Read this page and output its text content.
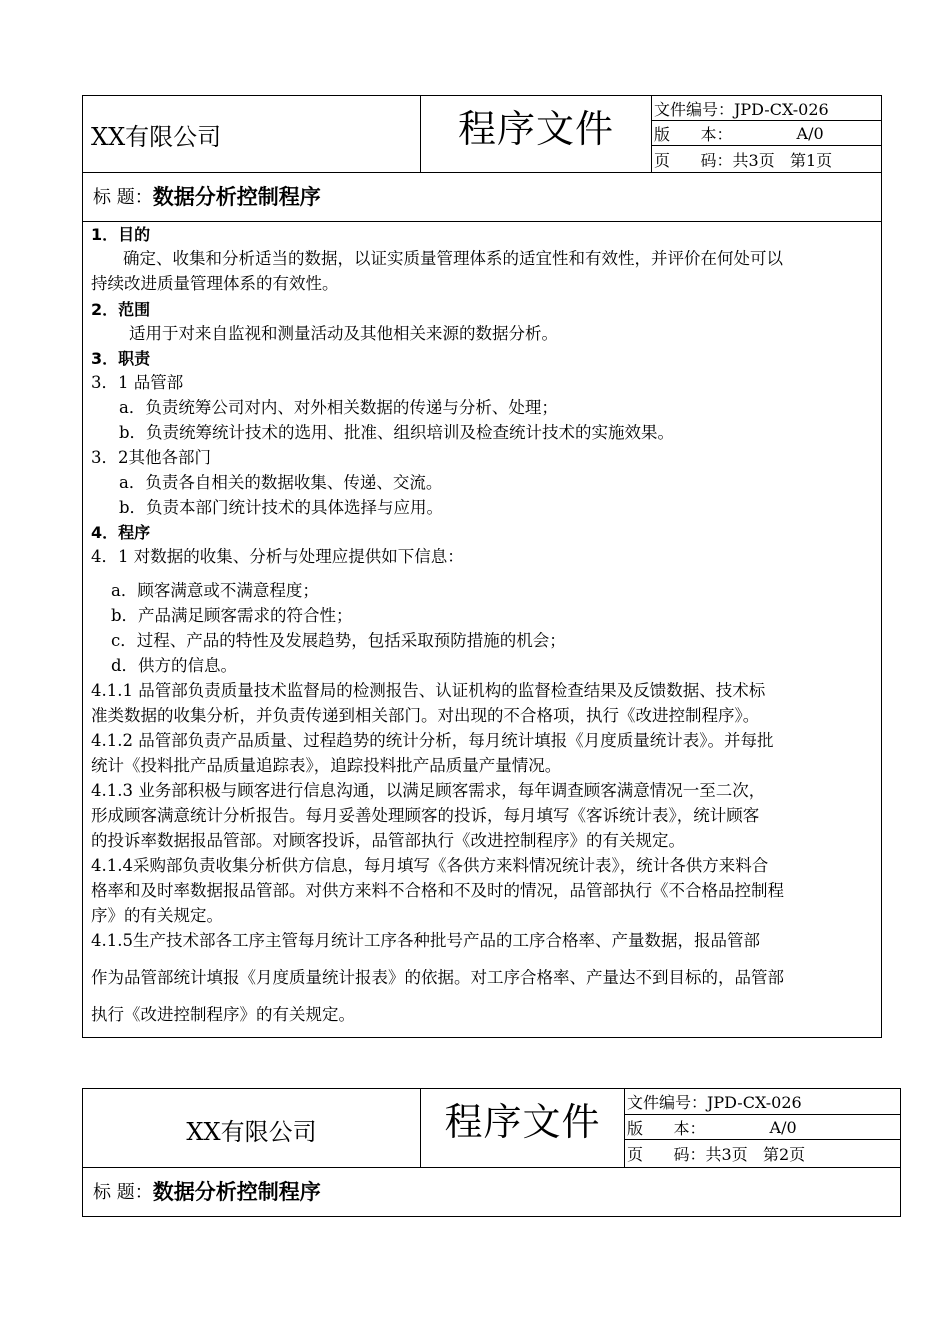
XX有限公司	程序文件	文件编号：JPD-CX-026
版      本：	A/0
页      码： 共3页   第1页
标 题： 数据分析控制程序
1．目的
确定、收集和分析适当的数据，以证实质量管理体系的适宜性和有效性，并评价在何处可以
持续改进质量管理体系的有效性。
2．范围
适用于对来自监视和测量活动及其他相关来源的数据分析。
3．职责
3．1 品管部
a．负责统筹公司对内、对外相关数据的传递与分析、处理；
b．负责统筹统计技术的选用、批准、组织培训及检查统计技术的实施效果。
3．2其他各部门
a．负责各自相关的数据收集、传递、交流。
b．负责本部门统计技术的具体选择与应用。
4．程序
4．1 对数据的收集、分析与处理应提供如下信息：
a．顾客满意或不满意程度；
b．产品满足顾客需求的符合性；
c．过程、产品的特性及发展趋势，包括采取预防措施的机会；
d．供方的信息。
4.1.1 品管部负责质量技术监督局的检测报告、认证机构的监督检查结果及反馈数据、技术标
准类数据的收集分析，并负责传递到相关部门。对出现的不合格项，执行《改进控制程序》。
4.1.2 品管部负责产品质量、过程趋势的统计分析，每月统计填报《月度质量统计表》。并每批
统计《投料批产品质量追踪表》，追踪投料批产品质量产量情况。
4.1.3 业务部积极与顾客进行信息沟通，以满足顾客需求，每年调查顾客满意情况一至二次，
形成顾客满意统计分析报告。每月妥善处理顾客的投诉，每月填写《客诉统计表》，统计顾客
的投诉率数据报品管部。对顾客投诉，品管部执行《改进控制程序》的有关规定。
4.1.4采购部负责收集分析供方信息，每月填写《各供方来料情况统计表》，统计各供方来料合
格率和及时率数据报品管部。对供方来料不合格和不及时的情况，品管部执行《不合格品控制程
序》的有关规定。
4.1.5生产技术部各工序主管每月统计工序各种批号产品的工序合格率、产量数据，报品管部
作为品管部统计填报《月度质量统计报表》的依据。对工序合格率、产量达不到目标的，品管部
执行《改进控制程序》的有关规定。
XX有限公司	程序文件	文件编号：JPD-CX-026
版      本：	A/0
页      码： 共3页   第2页
标 题： 数据分析控制程序
